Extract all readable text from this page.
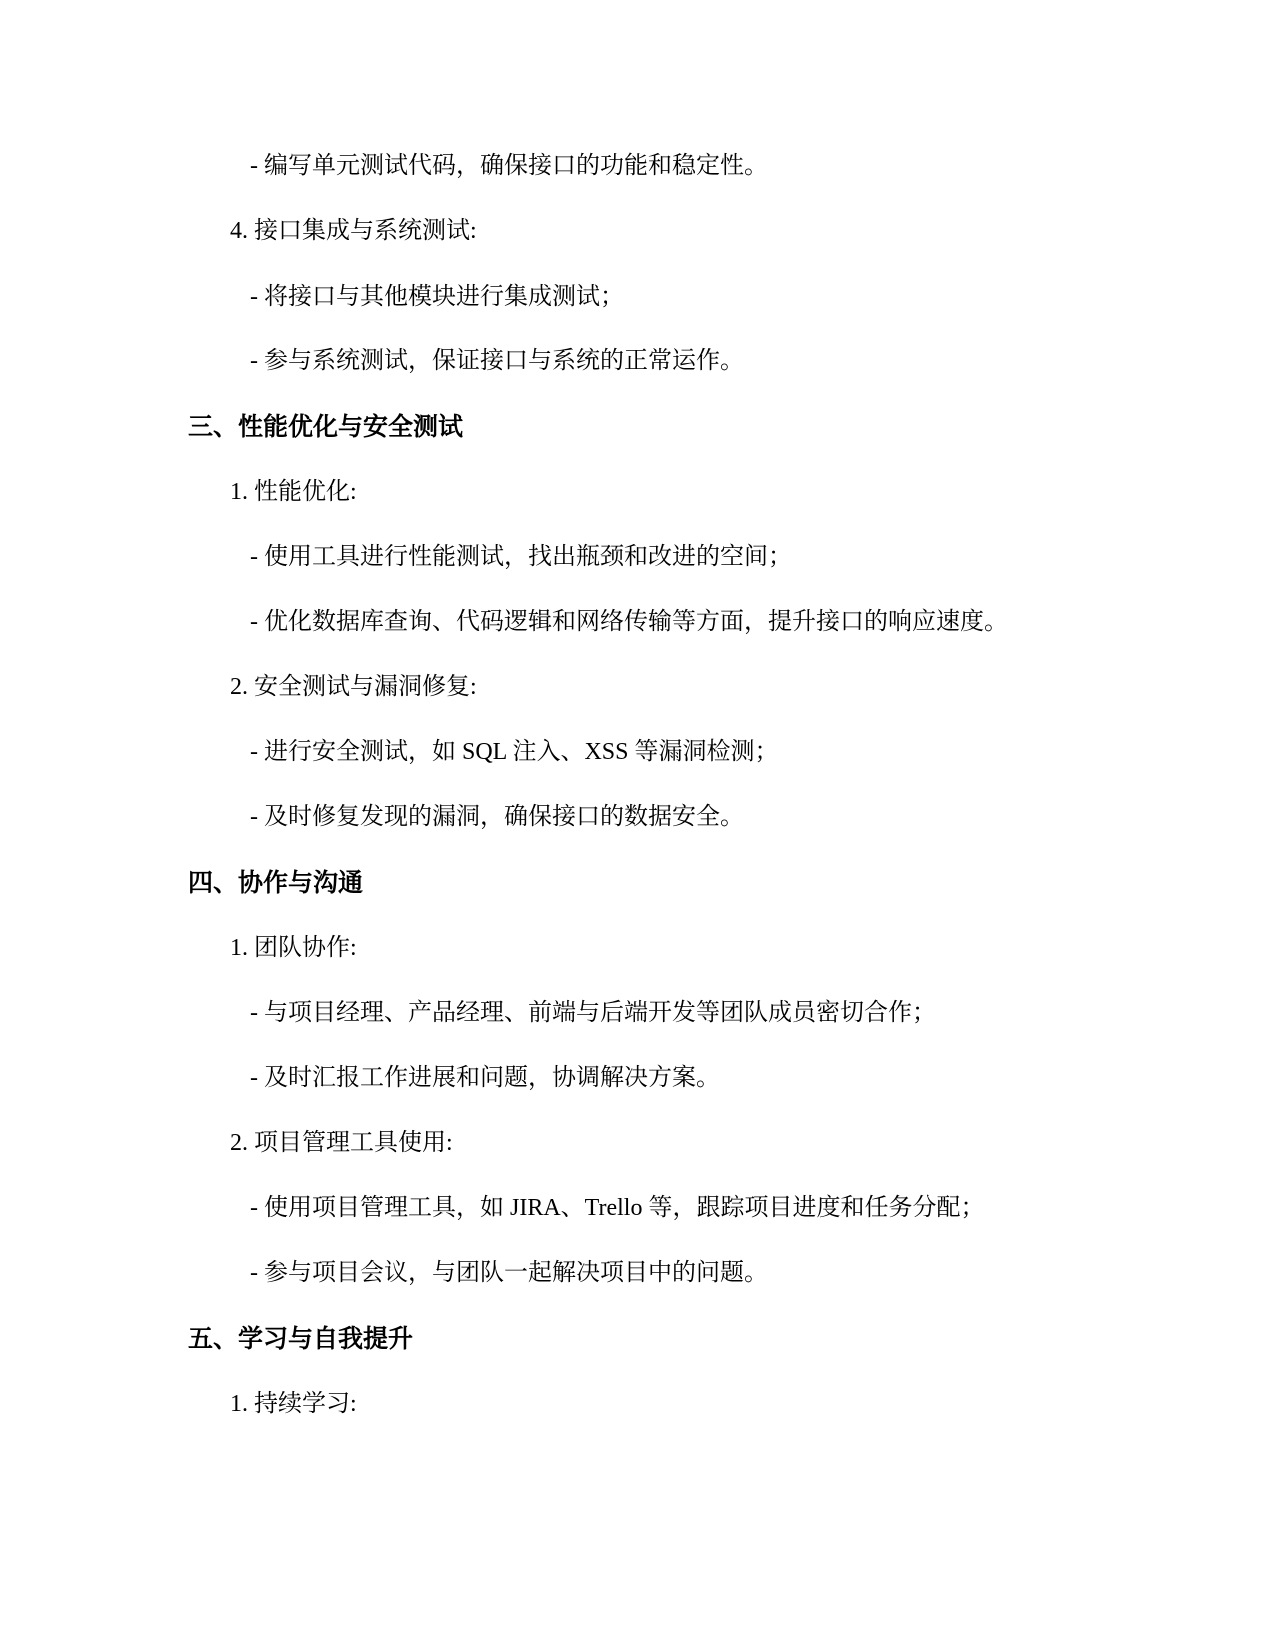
- 编写单元测试代码，确保接口的功能和稳定性。
4. 接口集成与系统测试:
- 将接口与其他模块进行集成测试；
- 参与系统测试，保证接口与系统的正常运作。
三、性能优化与安全测试
1. 性能优化:
- 使用工具进行性能测试，找出瓶颈和改进的空间；
- 优化数据库查询、代码逻辑和网络传输等方面，提升接口的响应速度。
2. 安全测试与漏洞修复:
- 进行安全测试，如 SQL 注入、XSS 等漏洞检测；
- 及时修复发现的漏洞，确保接口的数据安全。
四、协作与沟通
1. 团队协作:
- 与项目经理、产品经理、前端与后端开发等团队成员密切合作；
- 及时汇报工作进展和问题，协调解决方案。
2. 项目管理工具使用:
- 使用项目管理工具，如 JIRA、Trello 等，跟踪项目进度和任务分配；
- 参与项目会议，与团队一起解决项目中的问题。
五、学习与自我提升
1. 持续学习:
